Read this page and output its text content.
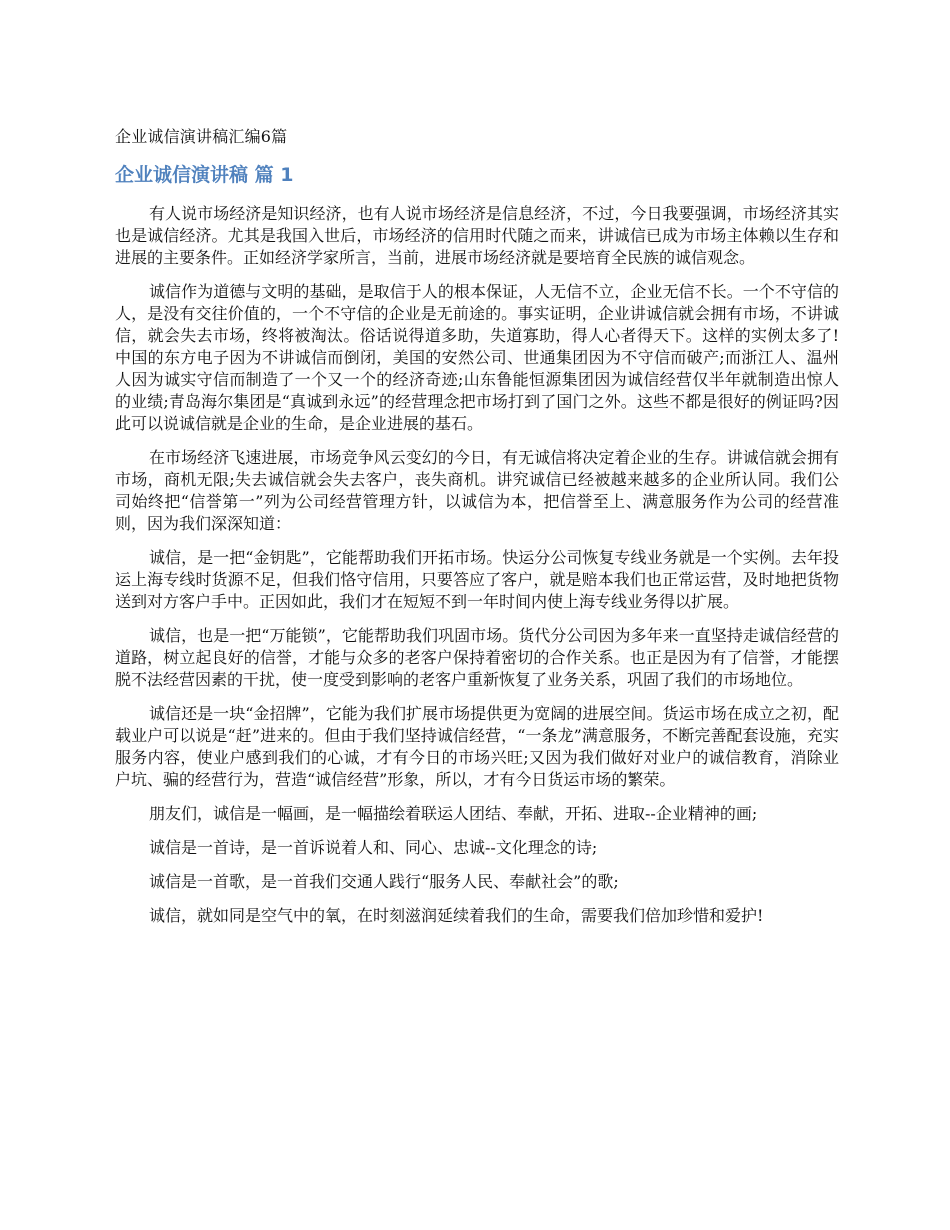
企业诚信演讲稿汇编6篇
企业诚信演讲稿 篇 1

有人说市场经济是知识经济，也有人说市场经济是信息经济，不过，今日我要强调，市场经济其实也是诚信经济。尤其是我国入世后，市场经济的信用时代随之而来，讲诚信已成为市场主体赖以生存和进展的主要条件。正如经济学家所言，当前，进展市场经济就是要培育全民族的诚信观念。

诚信作为道德与文明的基础，是取信于人的根本保证，人无信不立，企业无信不长。一个不守信的人，是没有交往价值的，一个不守信的企业是无前途的。事实证明，企业讲诚信就会拥有市场，不讲诚信，就会失去市场，终将被淘汰。俗话说得道多助，失道寡助，得人心者得天下。这样的实例太多了!中国的东方电子因为不讲诚信而倒闭，美国的安然公司、世通集团因为不守信而破产;而浙江人、温州人因为诚实守信而制造了一个又一个的经济奇迹;山东鲁能恒源集团因为诚信经营仅半年就制造出惊人的业绩;青岛海尔集团是“真诚到永远”的经营理念把市场打到了国门之外。这些不都是很好的例证吗?因此可以说诚信就是企业的生命，是企业进展的基石。

在市场经济飞速进展，市场竞争风云变幻的今日，有无诚信将决定着企业的生存。讲诚信就会拥有市场，商机无限;失去诚信就会失去客户，丧失商机。讲究诚信已经被越来越多的企业所认同。我们公司始终把“信誉第一”列为公司经营管理方针，以诚信为本，把信誉至上、满意服务作为公司的经营准则，因为我们深深知道：

诚信，是一把“金钥匙”，它能帮助我们开拓市场。快运分公司恢复专线业务就是一个实例。去年投运上海专线时货源不足，但我们恪守信用，只要答应了客户，就是赔本我们也正常运营，及时地把货物送到对方客户手中。正因如此，我们才在短短不到一年时间内使上海专线业务得以扩展。

诚信，也是一把“万能锁”，它能帮助我们巩固市场。货代分公司因为多年来一直坚持走诚信经营的道路，树立起良好的信誉，才能与众多的老客户保持着密切的合作关系。也正是因为有了信誉，才能摆脱不法经营因素的干扰，使一度受到影响的老客户重新恢复了业务关系，巩固了我们的市场地位。

诚信还是一块“金招牌”，它能为我们扩展市场提供更为宽阔的进展空间。货运市场在成立之初，配载业户可以说是“赶”进来的。但由于我们坚持诚信经营，“一条龙”满意服务，不断完善配套设施，充实服务内容，使业户感到我们的心诚，才有今日的市场兴旺;又因为我们做好对业户的诚信教育，消除业户坑、骗的经营行为，营造“诚信经营”形象，所以，才有今日货运市场的繁荣。

朋友们，诚信是一幅画，是一幅描绘着联运人团结、奉献，开拓、进取--企业精神的画;

诚信是一首诗，是一首诉说着人和、同心、忠诚--文化理念的诗;

诚信是一首歌，是一首我们交通人践行“服务人民、奉献社会”的歌;

诚信，就如同是空气中的氧，在时刻滋润延续着我们的生命，需要我们倍加珍惜和爱护!
